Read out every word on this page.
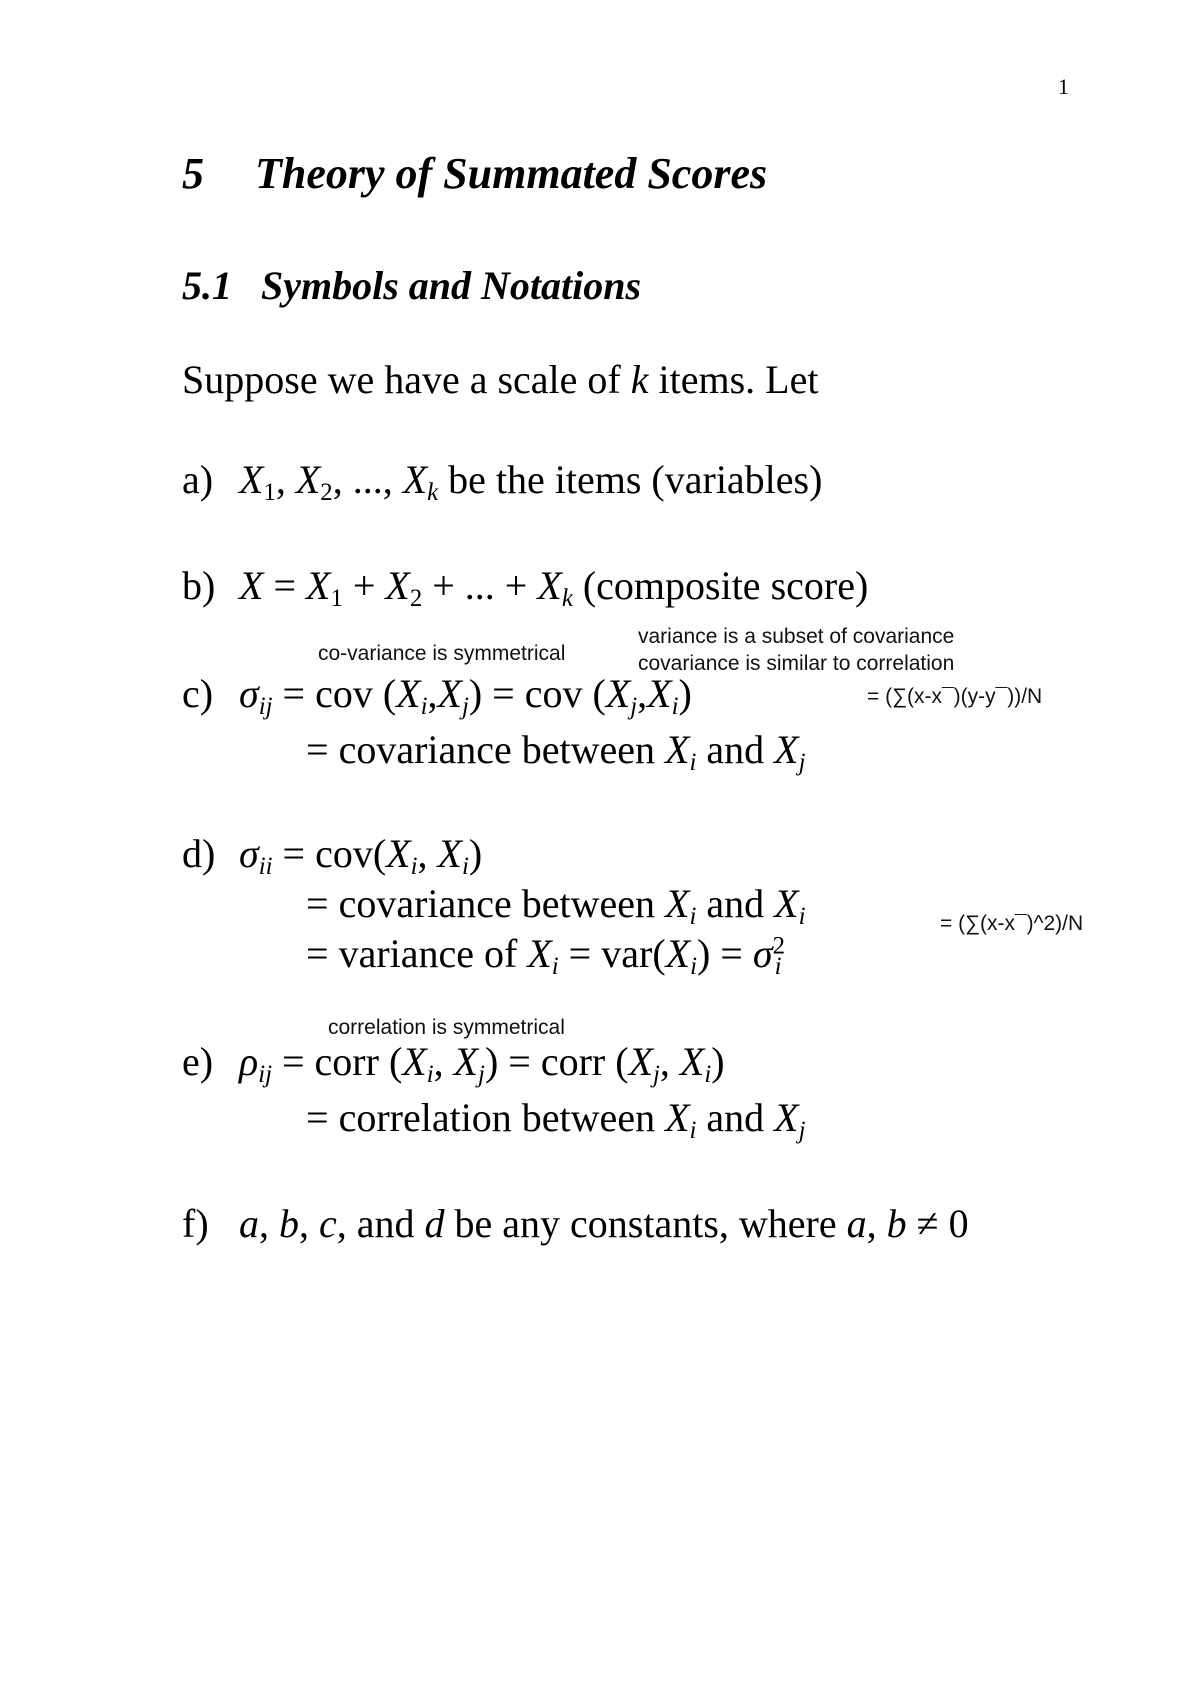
1
5 Theory of Summated Scores
5.1 Symbols and Notations
Suppose we have a scale of k items. Let
a) $X_1$, $X_2$, ..., $X_k$ be the items (variables)
b) $X = X_1 + X_2$ + ... + $X_k$ (composite score)
co-variance is symmetrical
variance is a subset of covariance
covariance is similar to correlation
c) $\sigma_{ij}$ = cov $(X_i,X_j)$ = cov $(X_j,X_i)$	= (∑(x-x¯)(y-y¯))/N
= covariance between $X_i$ and $X_j$
d) $\sigma_{ii} = cov(X_i$, $X_i$)
= covariance between $X_i$ and $X_i$	= (∑(x-x¯)^2)/N
= variance of $X_i = var(X_i) = \sigma^2_i$
correlation is symmetrical
e) $\rho_{ij}$ = corr ($X_i$, $X_j$) = corr ($X_j$, $X_i$)
= correlation between $X_i$ and $X_j$
f) a, b, c, and d be any constants, where a, b ≠ 0
